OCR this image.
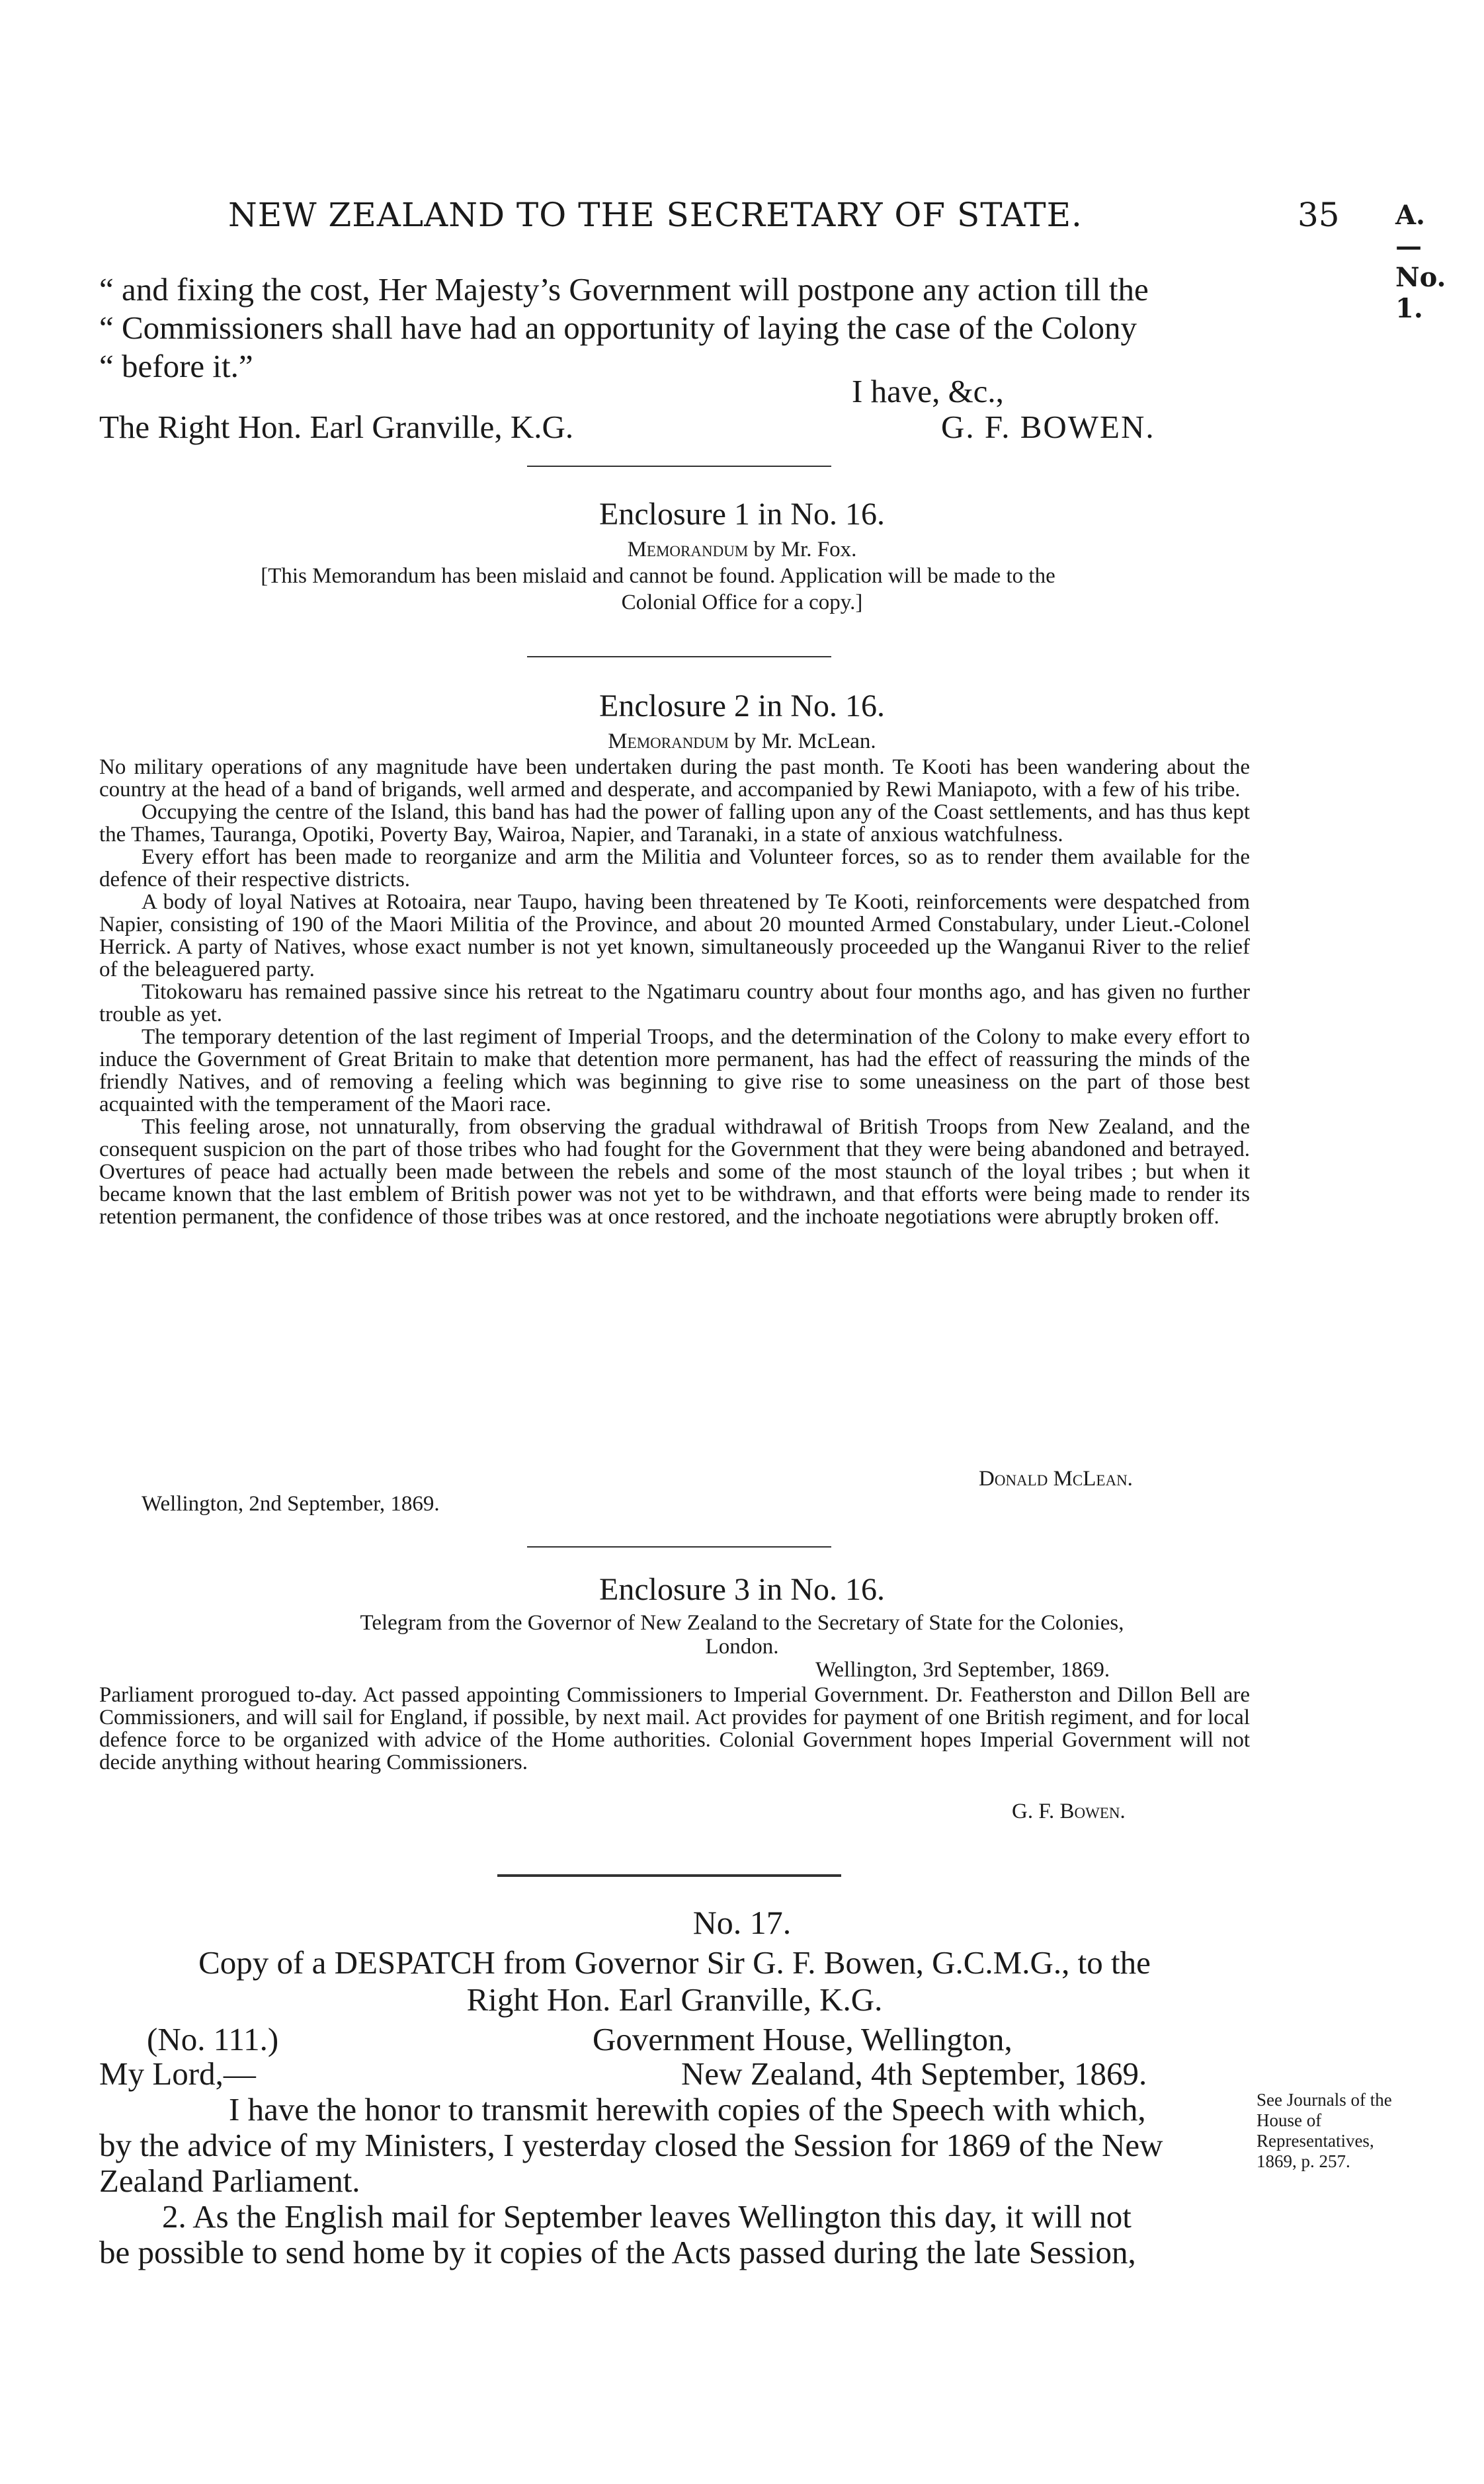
NEW ZEALAND TO THE SECRETARY OF STATE.	35 A.—No. 1.
“ and fixing the cost, Her Majesty’s Government will postpone any action till the
“ Commissioners shall have had an opportunity of laying the case of the Colony
“ before it.”
I have, &c.,
The Right Hon. Earl Granville, K.G.	G. F. BOWEN.
Enclosure 1 in No. 16.
Memorandum by Mr. Fox.
[This Memorandum has been mislaid and cannot be found. Application will be made to the
Colonial Office for a copy.]
Enclosure 2 in No. 16.
Memorandum by Mr. McLean.

No military operations of any magnitude have been undertaken during the past month. Te Kooti has been wandering about the country at the head of a band of brigands, well armed and desperate, and accompanied by Rewi Maniapoto, with a few of his tribe.

Occupying the centre of the Island, this band has had the power of falling upon any of the Coast settlements, and has thus kept the Thames, Tauranga, Opotiki, Poverty Bay, Wairoa, Napier, and Taranaki, in a state of anxious watchfulness.

Every effort has been made to reorganize and arm the Militia and Volunteer forces, so as to render them available for the defence of their respective districts.

A body of loyal Natives at Rotoaira, near Taupo, having been threatened by Te Kooti, reinforcements were despatched from Napier, consisting of 190 of the Maori Militia of the Province, and about 20 mounted Armed Constabulary, under Lieut.-Colonel Herrick. A party of Natives, whose exact number is not yet known, simultaneously proceeded up the Wanganui River to the relief of the beleaguered party.

Titokowaru has remained passive since his retreat to the Ngatimaru country about four months ago, and has given no further trouble as yet.

The temporary detention of the last regiment of Imperial Troops, and the determination of the Colony to make every effort to induce the Government of Great Britain to make that detention more permanent, has had the effect of reassuring the minds of the friendly Natives, and of removing a feeling which was beginning to give rise to some uneasiness on the part of those best acquainted with the temperament of the Maori race.

This feeling arose, not unnaturally, from observing the gradual withdrawal of British Troops from New Zealand, and the consequent suspicion on the part of those tribes who had fought for the Government that they were being abandoned and betrayed. Overtures of peace had actually been made between the rebels and some of the most staunch of the loyal tribes ; but when it became known that the last emblem of British power was not yet to be withdrawn, and that efforts were being made to render its retention permanent, the confidence of those tribes was at once restored, and the inchoate negotiations were abruptly broken off.

Donald McLean.
Wellington, 2nd September, 1869.
Enclosure 3 in No. 16.
Telegram from the Governor of New Zealand to the Secretary of State for the Colonies,
London.
Wellington, 3rd September, 1869.
Parliament prorogued to-day. Act passed appointing Commissioners to Imperial Government. Dr. Featherston and Dillon Bell are Commissioners, and will sail for England, if possible, by next mail. Act provides for payment of one British regiment, and for local defence force to be organized with advice of the Home authorities. Colonial Government hopes Imperial Government will not decide anything without hearing Commissioners.
G. F. Bowen.
No. 17.
Copy of a DESPATCH from Governor Sir G. F. Bowen, G.C.M.G., to the
Right Hon. Earl Granville, K.G.
(No. 111.)	Government House, Wellington,
My Lord,—	New Zealand, 4th September, 1869.
I have the honor to transmit herewith copies of the Speech with which,
by the advice of my Ministers, I yesterday closed the Session for 1869 of the New
Zealand Parliament.
2. As the English mail for September leaves Wellington this day, it will not
be possible to send home by it copies of the Acts passed during the late Session,
See Journals of the House of Representatives, 1869, p. 257.
